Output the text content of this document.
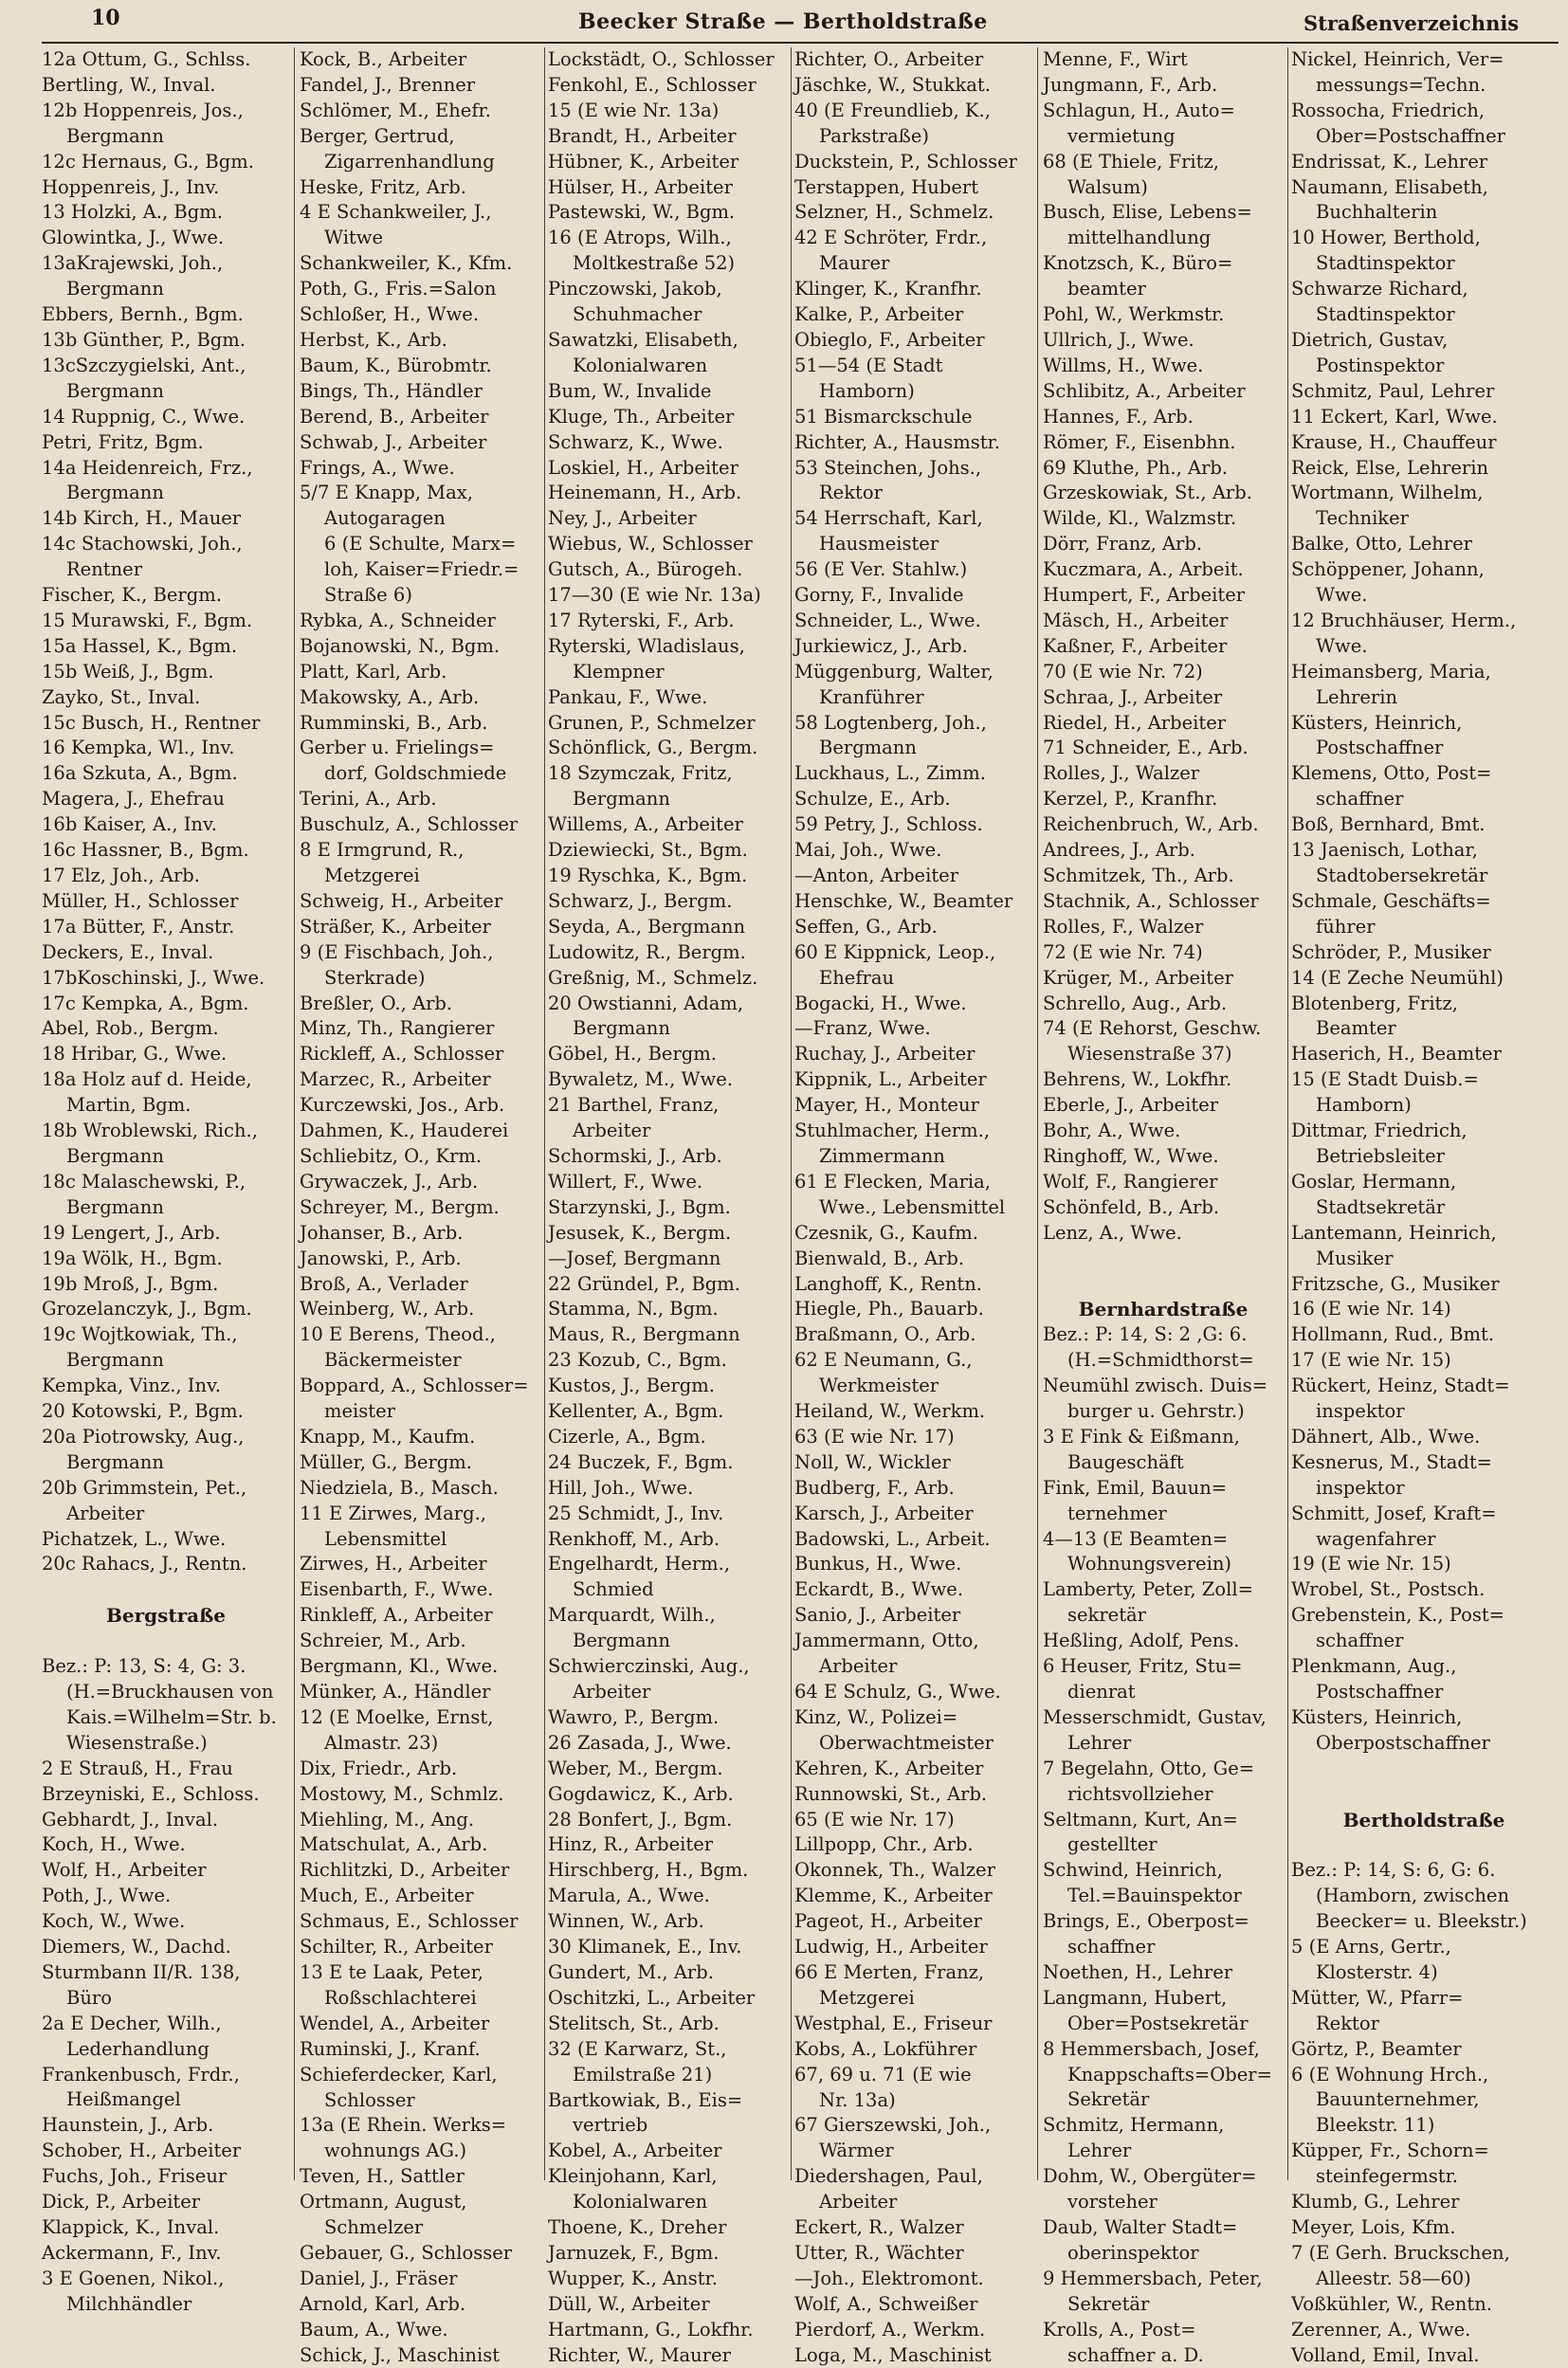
10	Beecker Straße — Bertholdstraße	Straßenverzeichnis
12a Ottum, G., Schlss.
Bertling, W., Inval.
12b Hoppenreis, Jos.,
Bergmann
12c Hernaus, G., Bgm.
Hoppenreis, J., Inv.
13 Holzki, A., Bgm.
Glowintka, J., Wwe.
13aKrajewski, Joh.,
Bergmann
Ebbers, Bernh., Bgm.
13b Günther, P., Bgm.
13cSzczygielski, Ant.,
Bergmann
14 Ruppnig, C., Wwe.
Petri, Fritz, Bgm.
14a Heidenreich, Frz.,
Bergmann
14b Kirch, H., Mauer
14c Stachowski, Joh.,
Rentner
Fischer, K., Bergm.
15 Murawski, F., Bgm.
15a Hassel, K., Bgm.
15b Weiß, J., Bgm.
Zayko, St., Inval.
15c Busch, H., Rentner
16 Kempka, Wl., Inv.
16a Szkuta, A., Bgm.
Magera, J., Ehefrau
16b Kaiser, A., Inv.
16c Hassner, B., Bgm.
17 Elz, Joh., Arb.
Müller, H., Schlosser
17a Bütter, F., Anstr.
Deckers, E., Inval.
17bKoschinski, J., Wwe.
17c Kempka, A., Bgm.
Abel, Rob., Bergm.
18 Hribar, G., Wwe.
18a Holz auf d. Heide,
Martin, Bgm.
18b Wroblewski, Rich.,
Bergmann
18c Malaschewski, P.,
Bergmann
19 Lengert, J., Arb.
19a Wölk, H., Bgm.
19b Mroß, J., Bgm.
Grozelanczyk, J., Bgm.
19c Wojtkowiak, Th.,
Bergmann
Kempka, Vinz., Inv.
20 Kotowski, P., Bgm.
20a Piotrowsky, Aug.,
Bergmann
20b Grimmstein, Pet.,
Arbeiter
Pichatzek, L., Wwe.
20c Rahacs, J., Rentn.
Bergstraße
Bez.: P: 13, S: 4, G: 3.
(H.=Bruckhausen von
Kais.=Wilhelm=Str. b.
Wiesenstraße.)
2 E Strauß, H., Frau
Brzeyniski, E., Schloss.
Gebhardt, J., Inval.
Koch, H., Wwe.
Wolf, H., Arbeiter
Poth, J., Wwe.
Koch, W., Wwe.
Diemers, W., Dachd.
Sturmbann II/R. 138,
Büro
2a E Decher, Wilh.,
Lederhandlung
Frankenbusch, Frdr.,
Heißmangel
Haunstein, J., Arb.
Schober, H., Arbeiter
Fuchs, Joh., Friseur
Dick, P., Arbeiter
Klappick, K., Inval.
Ackermann, F., Inv.
3 E Goenen, Nikol.,
Milchhändler
Kock, B., Arbeiter
Fandel, J., Brenner
Schlömer, M., Ehefr.
Berger, Gertrud,
Zigarrenhandlung
Heske, Fritz, Arb.
4 E Schankweiler, J.,
Witwe
Schankweiler, K., Kfm.
Poth, G., Fris.=Salon
Schloßer, H., Wwe.
Herbst, K., Arb.
Baum, K., Bürobmtr.
Bings, Th., Händler
Berend, B., Arbeiter
Schwab, J., Arbeiter
Frings, A., Wwe.
5/7 E Knapp, Max,
Autogaragen
6 (E Schulte, Marx=
loh, Kaiser=Friedr.=
Straße 6)
Rybka, A., Schneider
Bojanowski, N., Bgm.
Platt, Karl, Arb.
Makowsky, A., Arb.
Rumminski, B., Arb.
Gerber u. Frielings=
dorf, Goldschmiede
Terini, A., Arb.
Buschulz, A., Schlosser
8 E Irmgrund, R.,
Metzgerei
Schweig, H., Arbeiter
Sträßer, K., Arbeiter
9 (E Fischbach, Joh.,
Sterkrade)
Breßler, O., Arb.
Minz, Th., Rangierer
Rickleff, A., Schlosser
Marzec, R., Arbeiter
Kurczewski, Jos., Arb.
Dahmen, K., Hauderei
Schliebitz, O., Krm.
Grywaczek, J., Arb.
Schreyer, M., Bergm.
Johanser, B., Arb.
Janowski, P., Arb.
Broß, A., Verlader
Weinberg, W., Arb.
10 E Berens, Theod.,
Bäckermeister
Boppard, A., Schlosser=
meister
Knapp, M., Kaufm.
Müller, G., Bergm.
Niedziela, B., Masch.
11 E Zirwes, Marg.,
Lebensmittel
Zirwes, H., Arbeiter
Eisenbarth, F., Wwe.
Rinkleff, A., Arbeiter
Schreier, M., Arb.
Bergmann, Kl., Wwe.
Münker, A., Händler
12 (E Moelke, Ernst,
Almastr. 23)
Dix, Friedr., Arb.
Mostowy, M., Schmlz.
Miehling, M., Ang.
Matschulat, A., Arb.
Richlitzki, D., Arbeiter
Much, E., Arbeiter
Schmaus, E., Schlosser
Schilter, R., Arbeiter
13 E te Laak, Peter,
Roßschlachterei
Wendel, A., Arbeiter
Ruminski, J., Kranf.
Schieferdecker, Karl,
Schlosser
13a (E Rhein. Werks=
wohnungs AG.)
Teven, H., Sattler
Ortmann, August,
Schmelzer
Gebauer, G., Schlosser
Daniel, J., Fräser
Arnold, Karl, Arb.
Baum, A., Wwe.
Schick, J., Maschinist
Lockstädt, O., Schlosser
Fenkohl, E., Schlosser
15 (E wie Nr. 13a)
Brandt, H., Arbeiter
Hübner, K., Arbeiter
Hülser, H., Arbeiter
Pastewski, W., Bgm.
16 (E Atrops, Wilh.,
Moltkestraße 52)
Pinczowski, Jakob,
Schuhmacher
Sawatzki, Elisabeth,
Kolonialwaren
Bum, W., Invalide
Kluge, Th., Arbeiter
Schwarz, K., Wwe.
Loskiel, H., Arbeiter
Heinemann, H., Arb.
Ney, J., Arbeiter
Wiebus, W., Schlosser
Gutsch, A., Bürogeh.
17—30 (E wie Nr. 13a)
17 Ryterski, F., Arb.
Ryterski, Wladislaus,
Klempner
Pankau, F., Wwe.
Grunen, P., Schmelzer
Schönflick, G., Bergm.
18 Szymczak, Fritz,
Bergmann
Willems, A., Arbeiter
Dziewiecki, St., Bgm.
19 Ryschka, K., Bgm.
Schwarz, J., Bergm.
Seyda, A., Bergmann
Ludowitz, R., Bergm.
Greßnig, M., Schmelz.
20 Owstianni, Adam,
Bergmann
Göbel, H., Bergm.
Bywaletz, M., Wwe.
21 Barthel, Franz,
Arbeiter
Schormski, J., Arb.
Willert, F., Wwe.
Starzynski, J., Bgm.
Jesusek, K., Bergm.
—Josef, Bergmann
22 Gründel, P., Bgm.
Stamma, N., Bgm.
Maus, R., Bergmann
23 Kozub, C., Bgm.
Kustos, J., Bergm.
Kellenter, A., Bgm.
Cizerle, A., Bgm.
24 Buczek, F., Bgm.
Hill, Joh., Wwe.
25 Schmidt, J., Inv.
Renkhoff, M., Arb.
Engelhardt, Herm.,
Schmied
Marquardt, Wilh.,
Bergmann
Schwierczinski, Aug.,
Arbeiter
Wawro, P., Bergm.
26 Zasada, J., Wwe.
Weber, M., Bergm.
Gogdawicz, K., Arb.
28 Bonfert, J., Bgm.
Hinz, R., Arbeiter
Hirschberg, H., Bgm.
Marula, A., Wwe.
Winnen, W., Arb.
30 Klimanek, E., Inv.
Gundert, M., Arb.
Oschitzki, L., Arbeiter
Stelitsch, St., Arb.
32 (E Karwarz, St.,
Emilstraße 21)
Bartkowiak, B., Eis=
vertrieb
Kobel, A., Arbeiter
Kleinjohann, Karl,
Kolonialwaren
Thoene, K., Dreher
Jarnuzek, F., Bgm.
Wupper, K., Anstr.
Düll, W., Arbeiter
Hartmann, G., Lokfhr.
Richter, W., Maurer
Richter, O., Arbeiter
Jäschke, W., Stukkat.
40 (E Freundlieb, K.,
Parkstraße)
Duckstein, P., Schlosser
Terstappen, Hubert
Selzner, H., Schmelz.
42 E Schröter, Frdr.,
Maurer
Klinger, K., Kranfhr.
Kalke, P., Arbeiter
Obieglo, F., Arbeiter
51—54 (E Stadt
Hamborn)
51 Bismarckschule
Richter, A., Hausmstr.
53 Steinchen, Johs.,
Rektor
54 Herrschaft, Karl,
Hausmeister
56 (E Ver. Stahlw.)
Gorny, F., Invalide
Schneider, L., Wwe.
Jurkiewicz, J., Arb.
Müggenburg, Walter,
Kranführer
58 Logtenberg, Joh.,
Bergmann
Luckhaus, L., Zimm.
Schulze, E., Arb.
59 Petry, J., Schloss.
Mai, Joh., Wwe.
—Anton, Arbeiter
Henschke, W., Beamter
Seffen, G., Arb.
60 E Kippnick, Leop.,
Ehefrau
Bogacki, H., Wwe.
—Franz, Wwe.
Ruchay, J., Arbeiter
Kippnik, L., Arbeiter
Mayer, H., Monteur
Stuhlmacher, Herm.,
Zimmermann
61 E Flecken, Maria,
Wwe., Lebensmittel
Czesnik, G., Kaufm.
Bienwald, B., Arb.
Langhoff, K., Rentn.
Hiegle, Ph., Bauarb.
Braßmann, O., Arb.
62 E Neumann, G.,
Werkmeister
Heiland, W., Werkm.
63 (E wie Nr. 17)
Noll, W., Wickler
Budberg, F., Arb.
Karsch, J., Arbeiter
Badowski, L., Arbeit.
Bunkus, H., Wwe.
Eckardt, B., Wwe.
Sanio, J., Arbeiter
Jammermann, Otto,
Arbeiter
64 E Schulz, G., Wwe.
Kinz, W., Polizei=
Oberwachtmeister
Kehren, K., Arbeiter
Runnowski, St., Arb.
65 (E wie Nr. 17)
Lillpopp, Chr., Arb.
Okonnek, Th., Walzer
Klemme, K., Arbeiter
Pageot, H., Arbeiter
Ludwig, H., Arbeiter
66 E Merten, Franz,
Metzgerei
Westphal, E., Friseur
Kobs, A., Lokführer
67, 69 u. 71 (E wie
Nr. 13a)
67 Gierszewski, Joh.,
Wärmer
Diedershagen, Paul,
Arbeiter
Eckert, R., Walzer
Utter, R., Wächter
—Joh., Elektromont.
Wolf, A., Schweißer
Pierdorf, A., Werkm.
Loga, M., Maschinist
Menne, F., Wirt
Jungmann, F., Arb.
Schlagun, H., Auto=
vermietung
68 (E Thiele, Fritz,
Walsum)
Busch, Elise, Lebens=
mittelhandlung
Knotzsch, K., Büro=
beamter
Pohl, W., Werkmstr.
Ullrich, J., Wwe.
Willms, H., Wwe.
Schlibitz, A., Arbeiter
Hannes, F., Arb.
Römer, F., Eisenbhn.
69 Kluthe, Ph., Arb.
Grzeskowiak, St., Arb.
Wilde, Kl., Walzmstr.
Dörr, Franz, Arb.
Kuczmara, A., Arbeit.
Humpert, F., Arbeiter
Mäsch, H., Arbeiter
Kaßner, F., Arbeiter
70 (E wie Nr. 72)
Schraa, J., Arbeiter
Riedel, H., Arbeiter
71 Schneider, E., Arb.
Rolles, J., Walzer
Kerzel, P., Kranfhr.
Reichenbruch, W., Arb.
Andrees, J., Arb.
Schmitzek, Th., Arb.
Stachnik, A., Schlosser
Rolles, F., Walzer
72 (E wie Nr. 74)
Krüger, M., Arbeiter
Schrello, Aug., Arb.
74 (E Rehorst, Geschw.
Wiesenstraße 37)
Behrens, W., Lokfhr.
Eberle, J., Arbeiter
Bohr, A., Wwe.
Ringhoff, W., Wwe.
Wolf, F., Rangierer
Schönfeld, B., Arb.
Lenz, A., Wwe.
Bernhardstraße
Bez.: P: 14, S: 2 ,G: 6.
(H.=Schmidthorst=
Neumühl zwisch. Duis=
burger u. Gehrstr.)
3 E Fink & Eißmann,
Baugeschäft
Fink, Emil, Bauun=
ternehmer
4—13 (E Beamten=
Wohnungsverein)
Lamberty, Peter, Zoll=
sekretär
Heßling, Adolf, Pens.
6 Heuser, Fritz, Stu=
dienrat
Messerschmidt, Gustav,
Lehrer
7 Begelahn, Otto, Ge=
richtsvollzieher
Seltmann, Kurt, An=
gestellter
Schwind, Heinrich,
Tel.=Bauinspektor
Brings, E., Oberpost=
schaffner
Noethen, H., Lehrer
Langmann, Hubert,
Ober=Postsekretär
8 Hemmersbach, Josef,
Knappschafts=Ober=
Sekretär
Schmitz, Hermann,
Lehrer
Dohm, W., Obergüter=
vorsteher
Daub, Walter Stadt=
oberinspektor
9 Hemmersbach, Peter,
Sekretär
Krolls, A., Post=
schaffner a. D.
Nickel, Heinrich, Ver=
messungs=Techn.
Rossocha, Friedrich,
Ober=Postschaffner
Endrissat, K., Lehrer
Naumann, Elisabeth,
Buchhalterin
10 Hower, Berthold,
Stadtinspektor
Schwarze Richard,
Stadtinspektor
Dietrich, Gustav,
Postinspektor
Schmitz, Paul, Lehrer
11 Eckert, Karl, Wwe.
Krause, H., Chauffeur
Reick, Else, Lehrerin
Wortmann, Wilhelm,
Techniker
Balke, Otto, Lehrer
Schöppener, Johann,
Wwe.
12 Bruchhäuser, Herm.,
Wwe.
Heimansberg, Maria,
Lehrerin
Küsters, Heinrich,
Postschaffner
Klemens, Otto, Post=
schaffner
Boß, Bernhard, Bmt.
13 Jaenisch, Lothar,
Stadtobersekretär
Schmale, Geschäfts=
führer
Schröder, P., Musiker
14 (E Zeche Neumühl)
Blotenberg, Fritz,
Beamter
Haserich, H., Beamter
15 (E Stadt Duisb.=
Hamborn)
Dittmar, Friedrich,
Betriebsleiter
Goslar, Hermann,
Stadtsekretär
Lantemann, Heinrich,
Musiker
Fritzsche, G., Musiker
16 (E wie Nr. 14)
Hollmann, Rud., Bmt.
17 (E wie Nr. 15)
Rückert, Heinz, Stadt=
inspektor
Dähnert, Alb., Wwe.
Kesnerus, M., Stadt=
inspektor
Schmitt, Josef, Kraft=
wagenfahrer
19 (E wie Nr. 15)
Wrobel, St., Postsch.
Grebenstein, K., Post=
schaffner
Plenkmann, Aug.,
Postschaffner
Küsters, Heinrich,
Oberpostschaffner
Bertholdstraße
Bez.: P: 14, S: 6, G: 6.
(Hamborn, zwischen
Beecker= u. Bleekstr.)
5 (E Arns, Gertr.,
Klosterstr. 4)
Mütter, W., Pfarr=
Rektor
Görtz, P., Beamter
6 (E Wohnung Hrch.,
Bauunternehmer,
Bleekstr. 11)
Küpper, Fr., Schorn=
steinfegermstr.
Klumb, G., Lehrer
Meyer, Lois, Kfm.
7 (E Gerh. Bruckschen,
Alleestr. 58—60)
Voßkühler, W., Rentn.
Zerenner, A., Wwe.
Volland, Emil, Inval.
